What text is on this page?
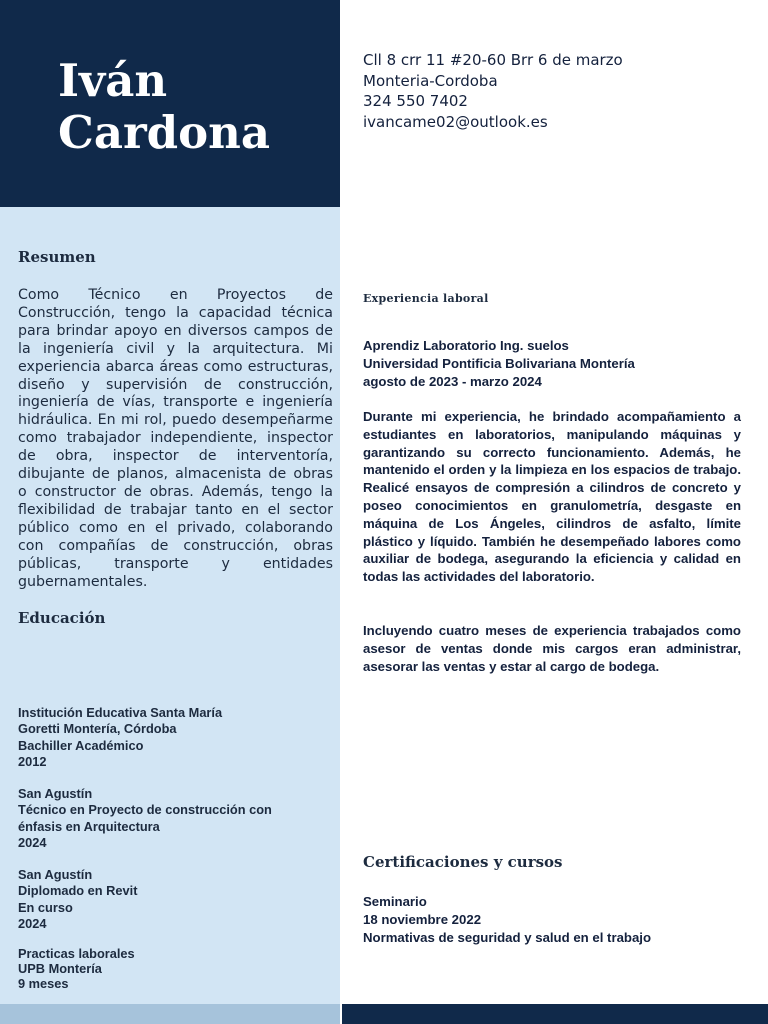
Iván
Cardona
Cll 8 crr 11 #20-60 Brr 6 de marzo
Monteria-Cordoba
324 550 7402
ivancame02@outlook.es
Resumen

Como Técnico en Proyectos de Construcción, tengo la capacidad técnica para brindar apoyo en diversos campos de la ingeniería civil y la arquitectura. Mi experiencia abarca áreas como estructuras, diseño y supervisión de construcción, ingeniería de vías, transporte e ingeniería hidráulica. En mi rol, puedo desempeñarme como trabajador independiente, inspector de obra, inspector de interventoría, dibujante de planos, almacenista de obras o constructor de obras. Además, tengo la flexibilidad de trabajar tanto en el sector público como en el privado, colaborando con compañías de construcción, obras públicas, transporte y entidades gubernamentales.

Educación
Institución Educativa Santa María
Goretti Montería, Córdoba
Bachiller Académico
2012
San Agustín
Técnico en Proyecto de construcción con
énfasis en Arquitectura
2024
San Agustín
Diplomado en Revit
En curso
2024
Practicas laborales
UPB Montería
9 meses
Experiencia laboral
Aprendiz Laboratorio Ing. suelos
Universidad Pontificia Bolivariana Montería
agosto de 2023 - marzo 2024

Durante mi experiencia, he brindado acompañamiento a estudiantes en laboratorios, manipulando máquinas y garantizando su correcto funcionamiento. Además, he mantenido el orden y la limpieza en los espacios de trabajo. Realicé ensayos de compresión a cilindros de concreto y poseo conocimientos en granulometría, desgaste en máquina de Los Ángeles, cilindros de asfalto, límite plástico y líquido. También he desempeñado labores como auxiliar de bodega, asegurando la eficiencia y calidad en todas las actividades del laboratorio.

Incluyendo cuatro meses de experiencia trabajados como asesor de ventas donde mis cargos eran administrar, asesorar las ventas y estar al cargo de bodega.

Certificaciones y cursos
Seminario
18 noviembre 2022
Normativas de seguridad y salud en el trabajo
